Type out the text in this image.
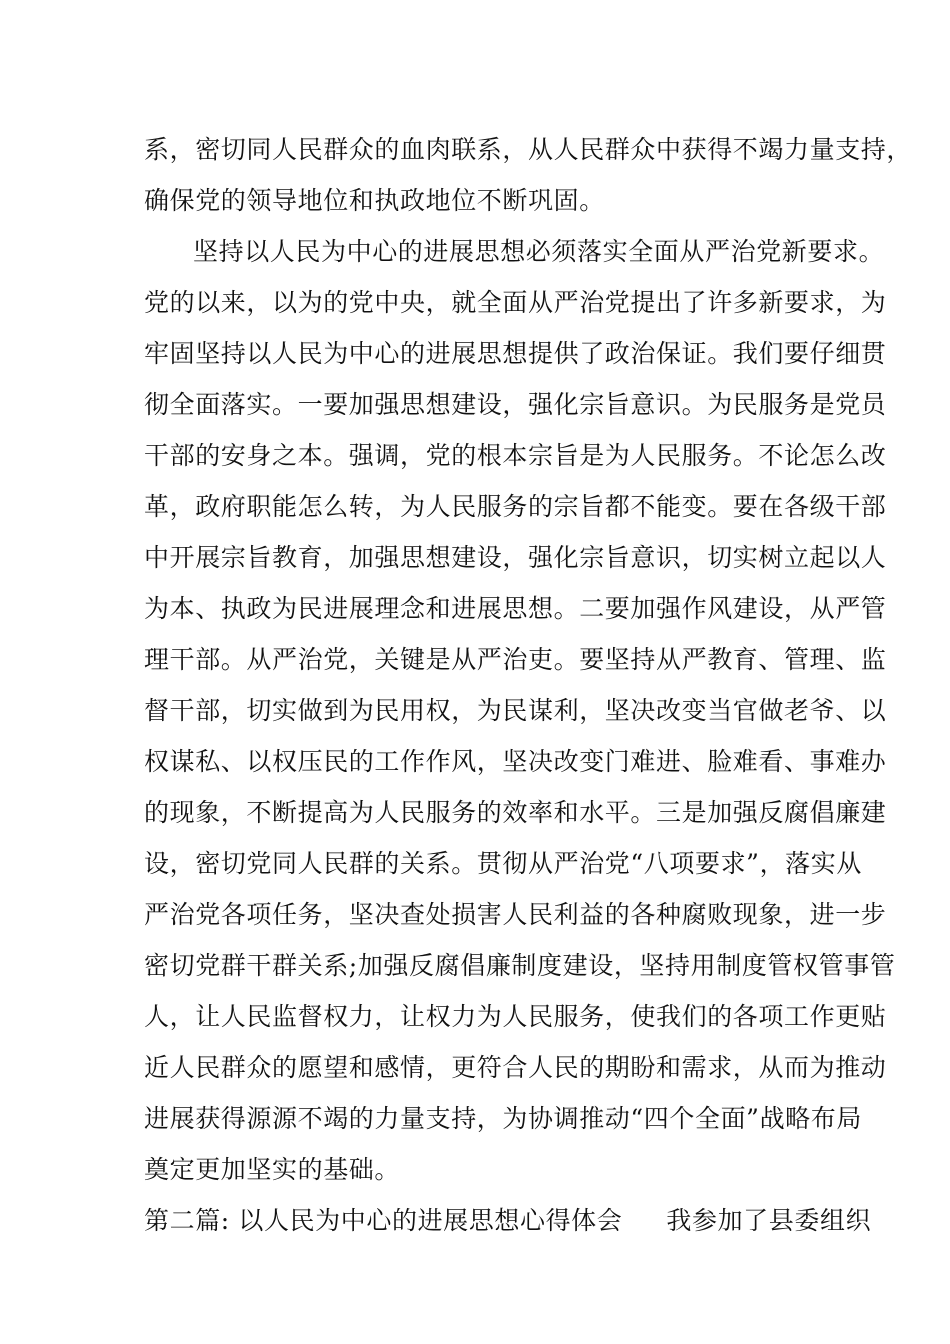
系，密切同人民群众的血肉联系，从人民群众中获得不竭力量支持，
确保党的领导地位和执政地位不断巩固。
坚持以人民为中心的进展思想必须落实全面从严治党新要求。
党的以来，以为的党中央，就全面从严治党提出了许多新要求，为
牢固坚持以人民为中心的进展思想提供了政治保证。我们要仔细贯
彻全面落实。一要加强思想建设，强化宗旨意识。为民服务是党员
干部的安身之本。强调，党的根本宗旨是为人民服务。不论怎么改
革，政府职能怎么转，为人民服务的宗旨都不能变。要在各级干部
中开展宗旨教育，加强思想建设，强化宗旨意识，切实树立起以人
为本、执政为民进展理念和进展思想。二要加强作风建设，从严管
理干部。从严治党，关键是从严治吏。要坚持从严教育、管理、监
督干部，切实做到为民用权，为民谋利，坚决改变当官做老爷、以
权谋私、以权压民的工作作风，坚决改变门难进、脸难看、事难办
的现象，不断提高为人民服务的效率和水平。三是加强反腐倡廉建
设，密切党同人民群的关系。贯彻从严治党“八项要求”，落实从
严治党各项任务，坚决查处损害人民利益的各种腐败现象，进一步
密切党群干群关系;加强反腐倡廉制度建设，坚持用制度管权管事管
人，让人民监督权力，让权力为人民服务，使我们的各项工作更贴
近人民群众的愿望和感情，更符合人民的期盼和需求，从而为推动
进展获得源源不竭的力量支持，为协调推动“四个全面”战略布局
奠定更加坚实的基础。
第二篇: 以人民为中心的进展思想心得体会 我参加了县委组织
